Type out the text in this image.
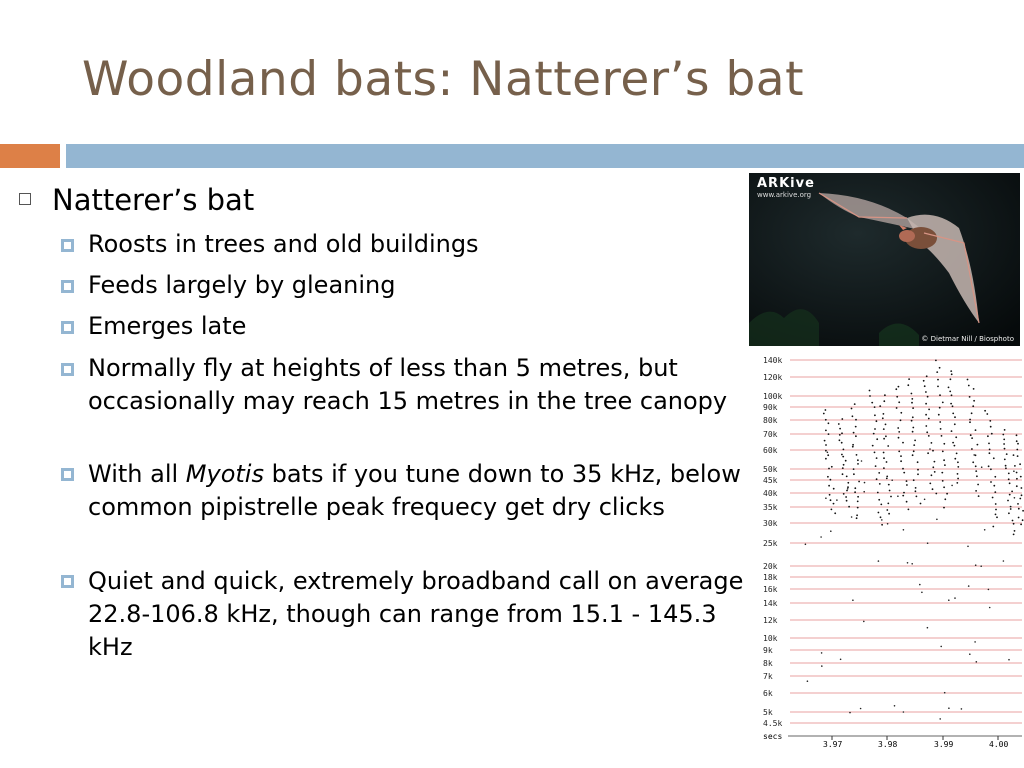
Woodland bats: Natterer’s bat
Natterer’s bat
Roosts in trees and old buildings
Feeds largely by gleaning
Emerges late
Normally fly at heights of less than 5 metres, but occasionally may reach 15 metres in the tree canopy
With all Myotis bats if you tune down to 35 kHz, below common pipistrelle peak frequecy get dry clicks
Quiet and quick, extremely broadband call on average 22.8-106.8 kHz, though can range from 15.1 - 145.3 kHz
ARKive
www.arkive.org
© Dietmar Nill / Biosphoto
140k
120k
100k
90k
80k
70k
60k
50k
45k
40k
35k
30k
25k
20k
18k
16k
14k
12k
10k
9k
8k
7k
6k
5k
4.5k
secs
3.97	3.98	3.99	4.00
